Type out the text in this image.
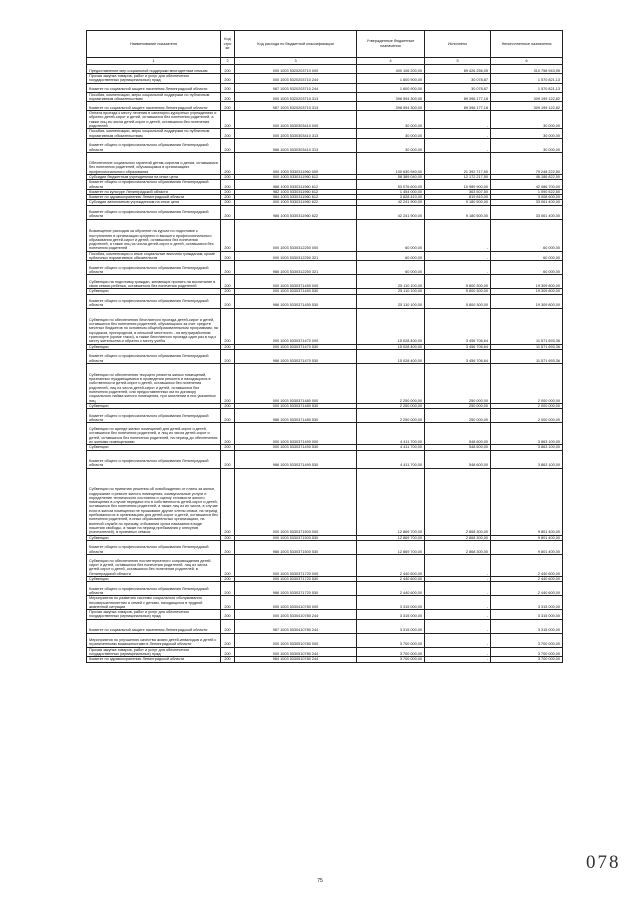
Наименование показателя	Код стро ки	Код расхода по бюджетной классификации	Утвержденные бюджетные назначения	Исполнено	Неисполненные назначения
1	2	3	4	5	6
Предоставление мер социальной поддержки многодетным семьям	200	000 1003 5320203710 000	400 106 200,00	89 426 256,05	310 758 943,95
Прочая закупка товаров, работ и услуг для обеспечения государственных (муниципальных) нужд	200	000 1003 5320203710 244	1 600 900,00	30 078,87	1 570 821,13
Комитет по социальной защите населения Ленинградской области	200	987 1003 5320203710 244	1 600 900,00	30 078,87	1 570 821,13
Пособия, компенсации, меры социальной поддержки по публичным нормативным обязательствам	200	000 1003 5320203710 313	398 594 300,00	89 396 177,18	309 199 122,82
Комитет по социальной защите населения Ленинградской области	200	987 1003 5320203710 313	398 594 300,00	89 396 177,18	309 199 122,82
Оплата проезда к месту лечения в санаторно-курортных учреждениях и обратно детей-сирот и детей, оставшихся без попечения родителей, а также лиц из числа детей-сирот и детей, оставшихся без попечения родителей	200	000 1003 5330303410 000	30 000,00	-	30 000,00
Пособия, компенсации, меры социальной поддержки по публичным нормативным обязательствам	200	000 1003 5330303410 313	30 000,00	-	30 000,00
Комитет общего и профессионального образования Ленинградской области	200	986 1003 5330303410 313	30 000,00	-	30 000,00
Обеспечение социальных гарантий детям-сиротам и детям, оставшимся без попечения родителей, обучающимся в организациях профессионального образования	200	000 1003 5330311960 000	100 630 940,00	21 392 717,50	79 248 222,50
Субсидии бюджетным учреждениям на иные цели	200	000 1003 5330311960 612	58 389 040,00	12 172 217,50	46 186 822,50
Комитет общего и профессионального образования Ленинградской области	200	986 1003 5330311960 612	53 076 600,00	10 989 900,00	42 086 700,00
Комитет по культуре Ленинградской области	200	982 1003 5330311960 612	1 454 000,00	363 507,50	1 090 522,50
Комитет по здравоохранению Ленинградской области	200	984 1003 5330311960 612	3 828 410,00	819 810,00	3 008 600,00
Субсидии автономным учреждениям на иные цели	200	000 1003 5330311960 622	42 241 900,00	9 180 500,00	33 061 400,00
Комитет общего и профессионального образования Ленинградской области	200	986 1003 5330311960 622	42 241 900,00	9 180 500,00	33 061 400,00
Возмещение расходов за обучение на курсах по подготовке к поступлению в организации среднего и высшего профессионального образования детей-сирот и детей, оставшихся без попечения родителей, а также лиц из числа детей-сирот и детей, оставшихся без попечения родителей	200	000 1003 5330312250 000	60 000,00	-	60 000,00
Пособия, компенсации и иные социальные выплаты гражданам, кроме публичных нормативных обязательств	200	000 1003 5330312250 321	60 000,00	-	60 000,00
Комитет общего и профессионального образования Ленинградской области	200	986 1003 5330312250 321	60 000,00	-	60 000,00
Субвенции на подготовку граждан, желающих принять на воспитание в свою семью ребенка, оставшегося без попечения родителей	200	000 1003 5330371450 000	25 110 100,00	5 800 300,00	19 309 800,00
Субвенции	200	000 1003 5330371450 530	25 110 100,00	5 800 300,00	19 309 800,00
Комитет общего и профессионального образования Ленинградской области	200	986 1003 5330371450 530	25 110 100,00	5 800 300,00	19 309 800,00
Субвенции по обеспечению бесплатного проезда детей-сирот и детей, оставшихся без попечения родителей, обучающихся за счет средств местных бюджетов по основным общеобразовательным программам, на городском, пригородном, в сельской местности - на внутрирайонном транспорте (кроме такси), а также бесплатного проезда один раз в год к месту жительства и обратно к месту учебы	200	000 1003 5330371470 000	15 028 400,00	3 456 706,64	11 571 693,36
Субвенции	200	000 1003 5330371470 530	15 028 400,00	3 456 706,64	11 571 693,36
Комитет общего и профессионального образования Ленинградской области	200	986 1003 5330371470 530	15 028 400,00	3 456 706,64	11 571 693,36
Субвенции по обеспечению текущего ремонта жилых помещений, признанных нуждающимися в проведении ремонта и находящихся в собственности детей-сирот и детей, оставшихся без попечения родителей, лиц из числа детей-сирот и детей, оставшихся без попечения родителей, или предоставленных им по договору социального найма жилого помещения, при заселении в них указанных лиц	200	000 1003 5330371480 000	2 250 000,00	250 000,00	2 000 000,00
Субвенции	200	000 1003 5330371480 530	2 250 000,00	250 000,00	2 000 000,00
Комитет общего и профессионального образования Ленинградской области	200	986 1003 5330371480 530	2 250 000,00	250 000,00	2 000 000,00
Субвенции по аренде жилых помещений для детей-сирот и детей, оставшихся без попечения родителей, и лиц из числа детей-сирот и детей, оставшихся без попечения родителей, на период до обеспечения их жилыми помещениями	200	000 1003 5330371490 000	4 411 700,00	548 600,00	3 863 100,00
Субвенции	200	000 1003 5330371490 530	4 411 700,00	548 600,00	3 863 100,00
Комитет общего и профессионального образования Ленинградской области	200	986 1003 5330371490 530	4 411 700,00	548 600,00	3 863 100,00
Субвенции по принятию решения об освобождении от платы за жилье, содержание и ремонт жилого помещения, коммунальные услуги и определение технического состояния и оценку стоимости жилого помещения в случае передачи его в собственность детей-сирот и детей, оставшихся без попечения родителей, а также лиц из их числа, в случае если в жилом помещении не проживают другие члены семьи, на период пребывания их в организациях для детей-сирот и детей, оставшихся без попечения родителей, в иных образовательных организациях, на военной службе по призыву, отбывания срока наказания в виде лишения свободы, а также на период пребывания у опекунов (попечителей), в приемных семьях	200	000 1003 5330371500 000	12 869 700,00	2 868 300,00	9 801 400,00
Субвенции	200	000 1003 5330371500 530	12 869 700,00	2 868 300,00	9 801 400,00
Комитет общего и профессионального образования Ленинградской области	200	986 1003 5330371500 530	12 869 700,00	2 868 300,00	9 801 400,00
Субвенции по обеспечению постинтернатного сопровождения детей-сирот и детей, оставшихся без попечения родителей, лиц из числа детей-сирот и детей, оставшихся без попечения родителей, в Ленинградской области	200	000 1003 5330371720 000	2 440 600,00	-	2 440 600,00
Субвенции	200	000 1003 5330371720 530	2 440 600,00	-	2 440 600,00
Комитет общего и профессионального образования Ленинградской области	200	986 1003 5330371720 530	2 440 600,00	-	2 440 600,00
Мероприятия по развитию системы социального обслуживания несовершеннолетних и семей с детьми, находящихся в трудной жизненной ситуации	200	000 1003 5330410780 000	3 315 000,00	-	3 315 000,00
Прочая закупка товаров, работ и услуг для обеспечения государственных (муниципальных) нужд	200	000 1003 5330410780 244	3 315 000,00	-	3 315 000,00
Комитет по социальной защите населения Ленинградской области	200	987 1003 5330410780 244	3 315 000,00	-	3 315 000,00
Мероприятия по улучшению качества жизни детей-инвалидов и детей с ограниченными возможностями в Ленинградской области	200	000 1003 5330510780 000	3 700 000,00	-	3 700 000,00
Прочая закупка товаров, работ и услуг для обеспечения государственных (муниципальных) нужд	200	000 1003 5330510780 244	3 700 000,00	-	3 700 000,00
Комитет по здравоохранению Ленинградской области	200	984 1003 5330510780 244	3 700 000,00	-	3 700 000,00
75
078
